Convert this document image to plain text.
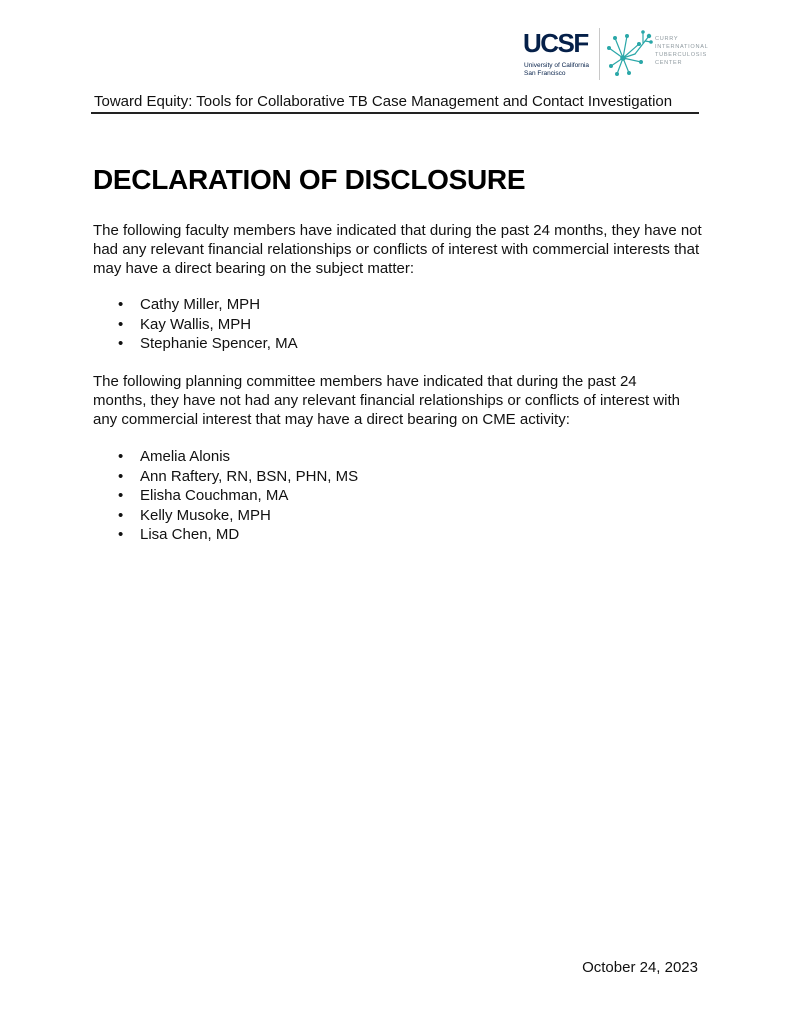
UCSF
University of California
San Francisco
CURRY
INTERNATIONAL
TUBERCULOSIS
CENTER
Toward Equity: Tools for Collaborative TB Case Management and Contact Investigation
DECLARATION OF DISCLOSURE

The following faculty members have indicated that during the past 24 months, they have not had any relevant financial relationships or conflicts of interest with commercial interests that may have a direct bearing on the subject matter:

• Cathy Miller, MPH
• Kay Wallis, MPH
• Stephanie Spencer, MA

The following planning committee members have indicated that during the past 24 months, they have not had any relevant financial relationships or conflicts of interest with any commercial interest that may have a direct bearing on CME activity:

• Amelia Alonis
• Ann Raftery, RN, BSN, PHN, MS
• Elisha Couchman, MA
• Kelly Musoke, MPH
• Lisa Chen, MD
October 24, 2023
